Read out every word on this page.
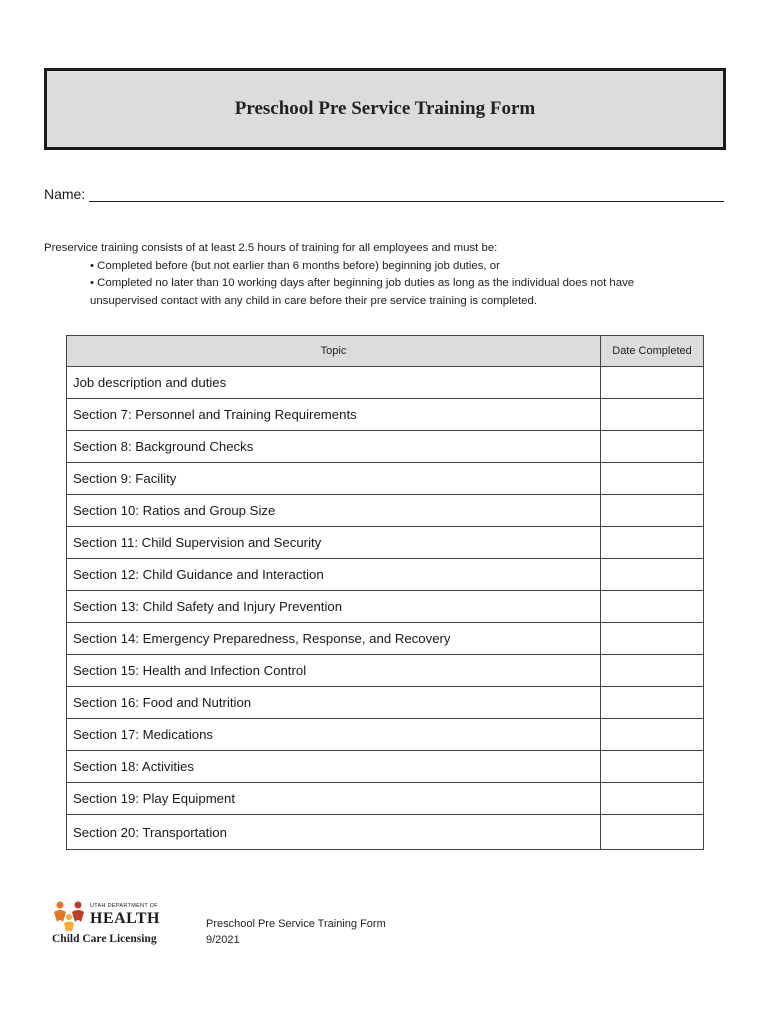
Preschool Pre Service Training Form
Name:
Preservice training consists of at least 2.5 hours of training for all employees and must be:
• Completed before (but not earlier than 6 months before) beginning job duties, or
• Completed no later than 10 working days after beginning job duties as long as the individual does not have
unsupervised contact with any child in care before their pre service training is completed.
Topic	Date Completed
Job description and duties	
Section 7: Personnel and Training Requirements	
Section 8: Background Checks	
Section 9: Facility	
Section 10: Ratios and Group Size	
Section 11: Child Supervision and Security	
Section 12: Child Guidance and Interaction	
Section 13: Child Safety and Injury Prevention	
Section 14: Emergency Preparedness, Response, and Recovery	
Section 15: Health and Infection Control	
Section 16: Food and Nutrition	
Section 17: Medications	
Section 18: Activities	
Section 19: Play Equipment	
Section 20: Transportation	
UTAH DEPARTMENT OF
HEALTH
Child Care Licensing
Preschool Pre Service Training Form
9/2021
